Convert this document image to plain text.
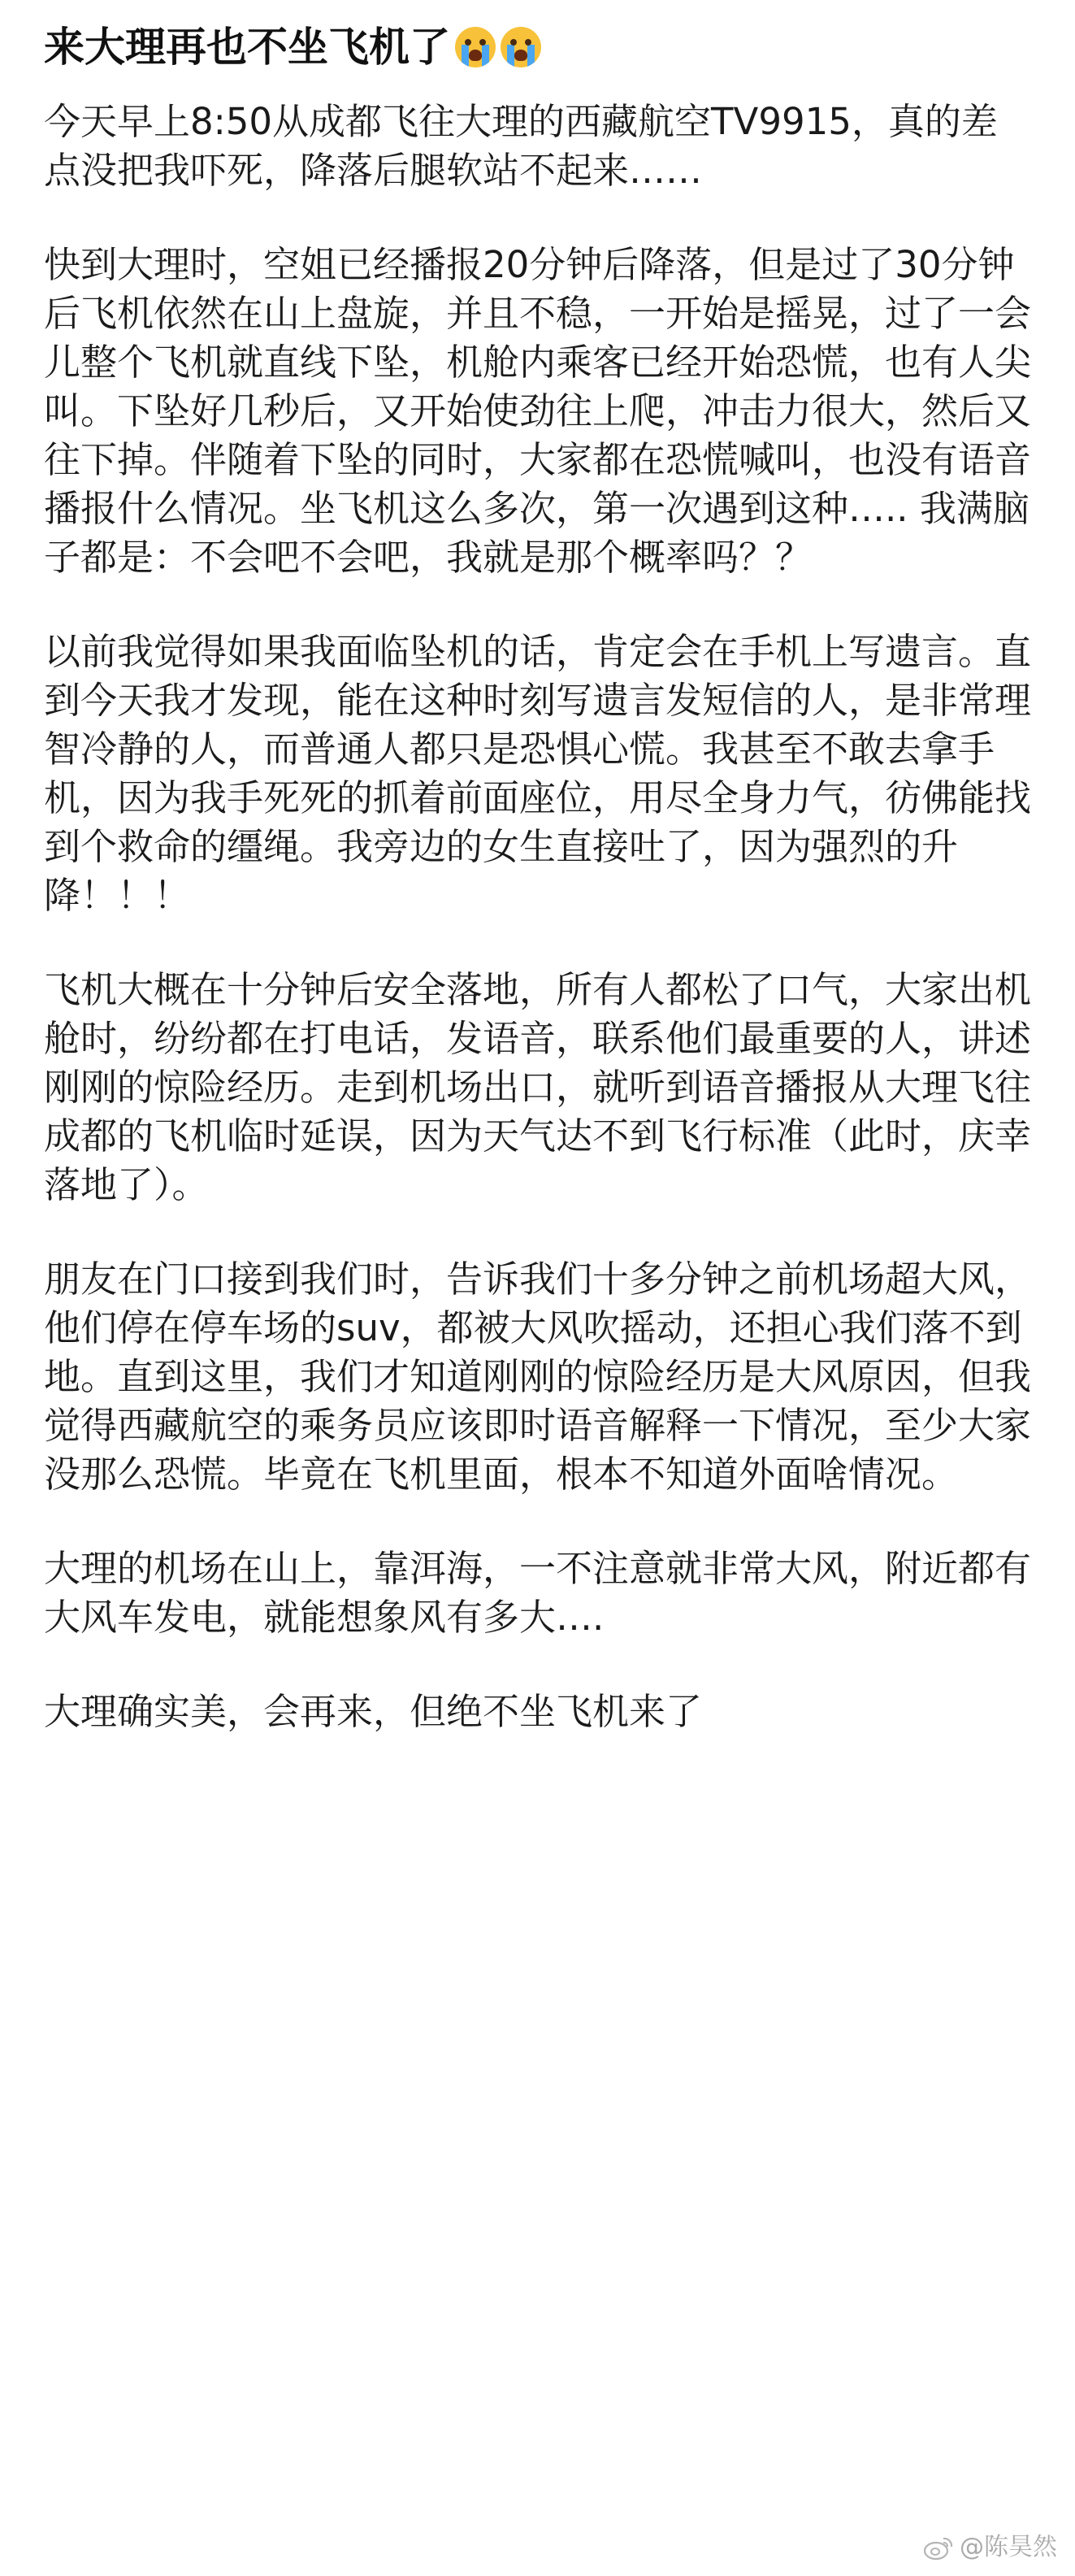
来大理再也不坐飞机了

今天早上8:50从成都飞往大理的西藏航空TV9915，真的差点没把我吓死，降落后腿软站不起来……

快到大理时，空姐已经播报20分钟后降落，但是过了30分钟后飞机依然在山上盘旋，并且不稳，一开始是摇晃，过了一会儿整个飞机就直线下坠，机舱内乘客已经开始恐慌，也有人尖叫。下坠好几秒后，又开始使劲往上爬，冲击力很大，然后又往下掉。伴随着下坠的同时，大家都在恐慌喊叫，也没有语音播报什么情况。坐飞机这么多次，第一次遇到这种….. 我满脑子都是：不会吧不会吧，我就是那个概率吗？？

以前我觉得如果我面临坠机的话，肯定会在手机上写遗言。直到今天我才发现，能在这种时刻写遗言发短信的人，是非常理智冷静的人，而普通人都只是恐惧心慌。我甚至不敢去拿手机，因为我手死死的抓着前面座位，用尽全身力气，彷佛能找到个救命的缰绳。我旁边的女生直接吐了，因为强烈的升降！！！

飞机大概在十分钟后安全落地，所有人都松了口气，大家出机舱时，纷纷都在打电话，发语音，联系他们最重要的人，讲述刚刚的惊险经历。走到机场出口，就听到语音播报从大理飞往成都的飞机临时延误，因为天气达不到飞行标准（此时，庆幸落地了）。

朋友在门口接到我们时，告诉我们十多分钟之前机场超大风，他们停在停车场的suv，都被大风吹摇动，还担心我们落不到地。直到这里，我们才知道刚刚的惊险经历是大风原因，但我觉得西藏航空的乘务员应该即时语音解释一下情况，至少大家没那么恐慌。毕竟在飞机里面，根本不知道外面啥情况。

大理的机场在山上，靠洱海，一不注意就非常大风，附近都有大风车发电，就能想象风有多大….

大理确实美，会再来，但绝不坐飞机来了

@陈昊然
